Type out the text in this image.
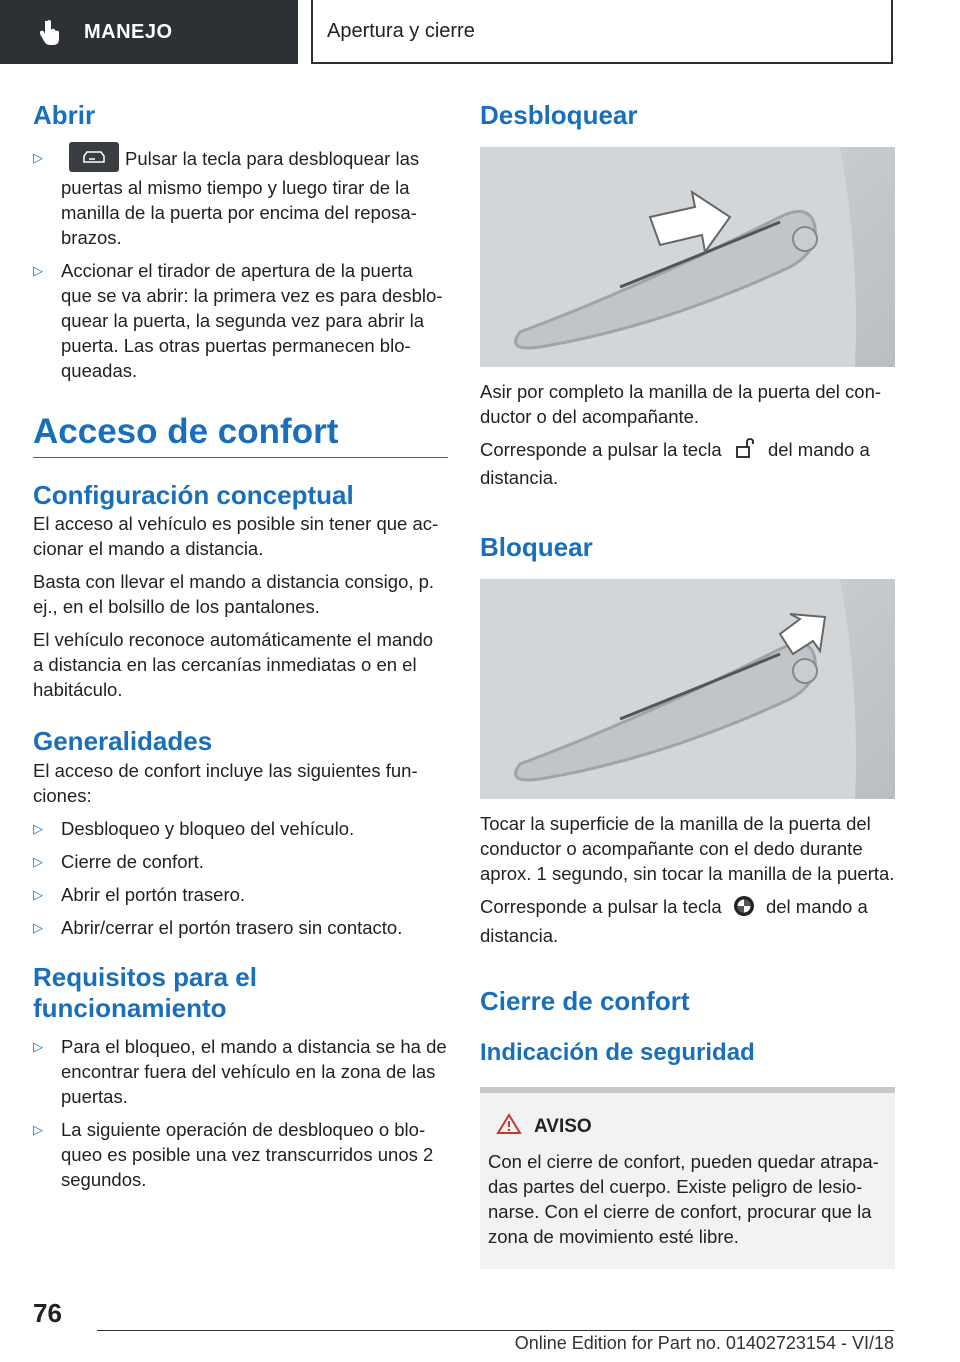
MANEJO	Apertura y cierre
Abrir
▷	Pulsar la tecla para desbloquear las puertas al mismo tiempo y luego tirar de la manilla de la puerta por encima del reposabrazos.
▷ Accionar el tirador de apertura de la puerta que se va abrir: la primera vez es para desbloquear la puerta, la segunda vez para abrir la puerta. Las otras puertas permanecen bloqueadas.
Acceso de confort
Configuración conceptual

El acceso al vehículo es posible sin tener que accionar el mando a distancia.

Basta con llevar el mando a distancia consigo, p. ej., en el bolsillo de los pantalones.

El vehículo reconoce automáticamente el mando a distancia en las cercanías inmediatas o en el habitáculo.

Generalidades

El acceso de confort incluye las siguientes funciones:

▷ Desbloqueo y bloqueo del vehículo.
▷ Cierre de confort.
▷ Abrir el portón trasero.
▷ Abrir/cerrar el portón trasero sin contacto.
Requisitos para el funcionamiento
▷ Para el bloqueo, el mando a distancia se ha de encontrar fuera del vehículo en la zona de las puertas.
▷ La siguiente operación de desbloqueo o bloqueo es posible una vez transcurridos unos 2 segundos.
Desbloquear

Asir por completo la manilla de la puerta del conductor o del acompañante.

Corresponde a pulsar la tecla	del mando a distancia.

Bloquear

Tocar la superficie de la manilla de la puerta del conductor o acompañante con el dedo durante aprox. 1 segundo, sin tocar la manilla de la puerta.

Corresponde a pulsar la tecla del mando a distancia.

Cierre de confort
Indicación de seguridad
AVISO

Con el cierre de confort, pueden quedar atrapadas partes del cuerpo. Existe peligro de lesionarse. Con el cierre de confort, procurar que la zona de movimiento esté libre.

76
Online Edition for Part no. 01402723154 - VI/18
